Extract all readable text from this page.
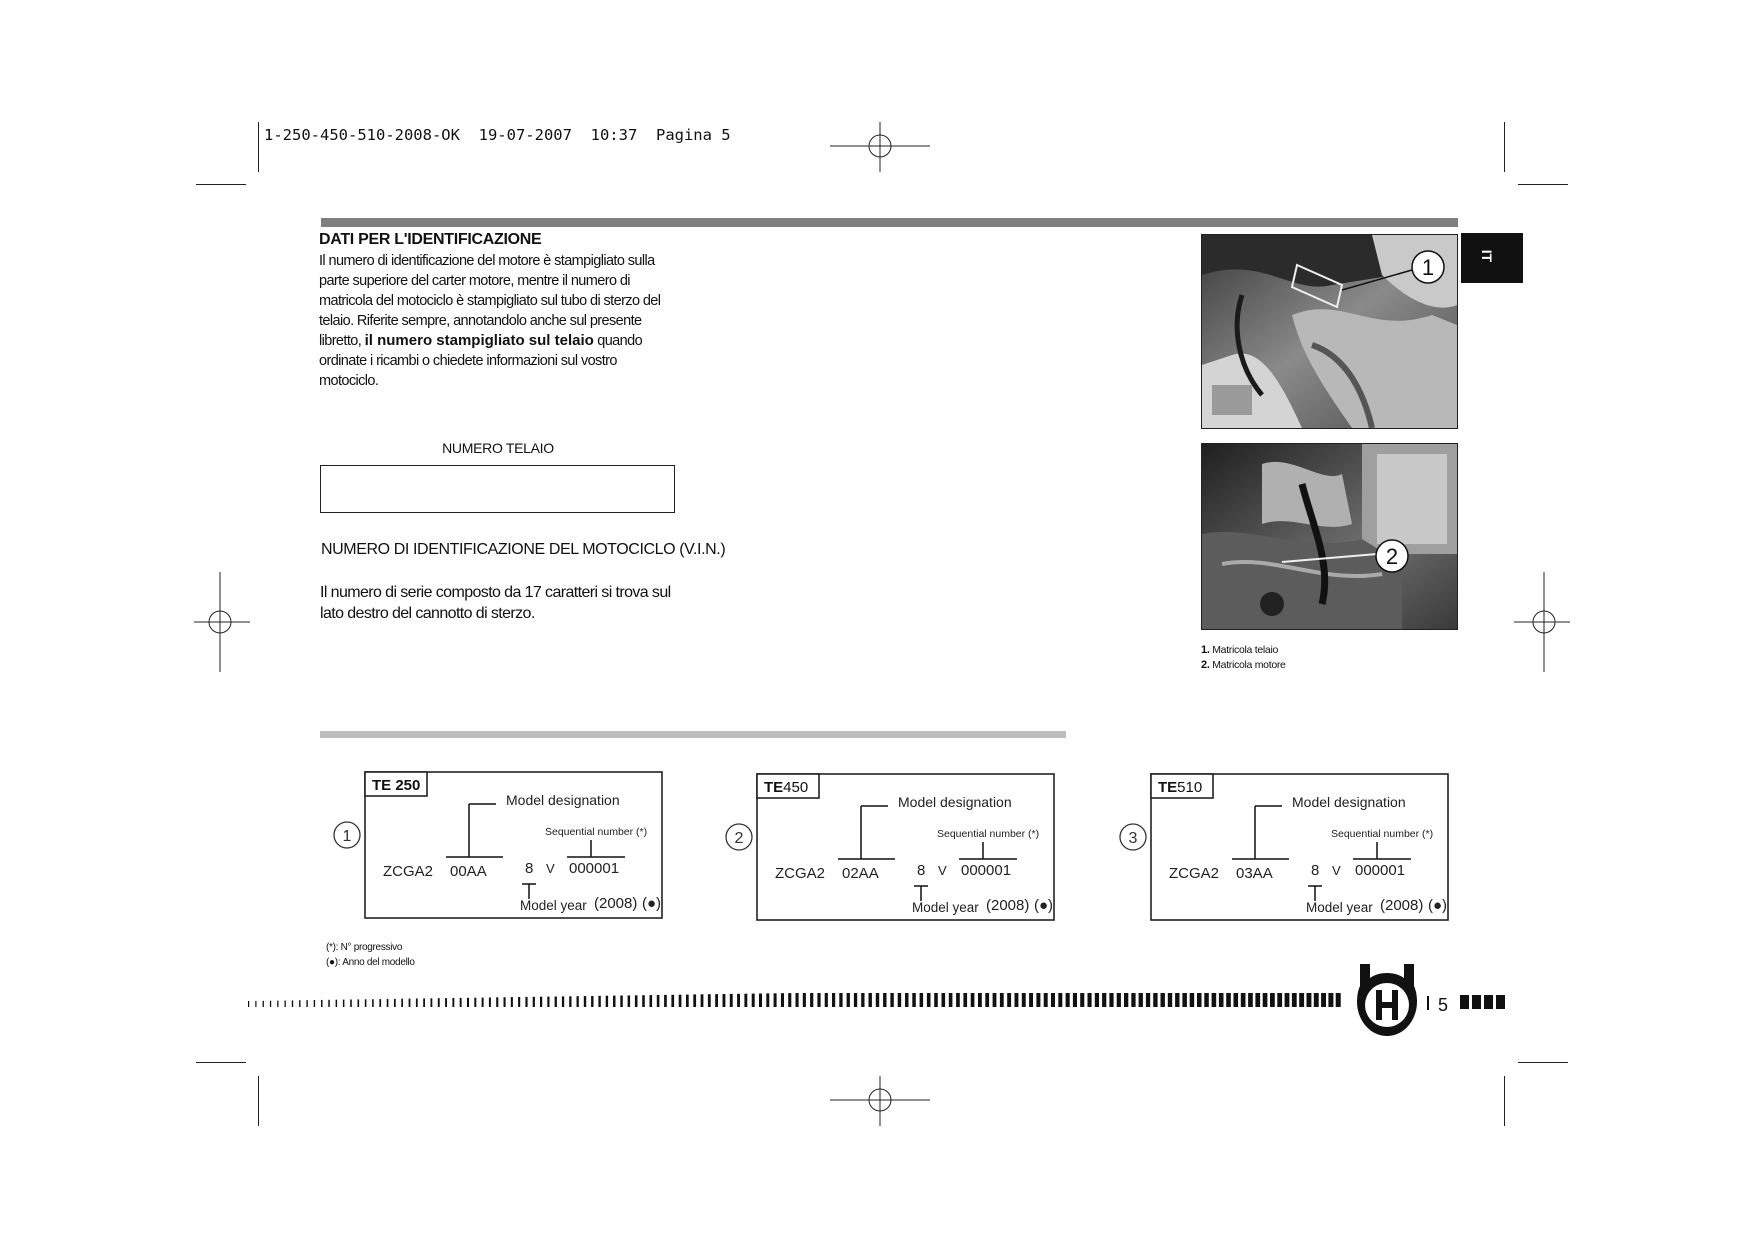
1-250-450-510-2008-OK 19-07-2007 10:37 Pagina 5
IT
DATI PER L'IDENTIFICAZIONE
Il numero di identificazione del motore è stampigliato sulla parte superiore del carter motore, mentre il numero di matricola del motociclo è stampigliato sul tubo di sterzo del telaio. Riferite sempre, annotandolo anche sul presente libretto, il numero stampigliato sul telaio quando ordinate i ricambi o chiedete informazioni sul vostro motociclo.
NUMERO TELAIO
NUMERO DI IDENTIFICAZIONE DEL MOTOCICLO (V.I.N.)
Il numero di serie composto da 17 caratteri si trova sul lato destro del cannotto di sterzo.
1
2
1. Matricola telaio
2. Matricola motore
1
TE 250
Model designation
Sequential number (*)
ZCGA2 00AA	8 V 000001
Model year (2008) (●)
2
TE450
Model designation
Sequential number (*)
ZCGA2 02AA	8 V 000001
Model year (2008) (●)
3
TE510
Model designation
Sequential number (*)
ZCGA2 03AA	8 V 000001
Model year (2008) (●)
(*): N° progressivo
(●): Anno del modello
5
